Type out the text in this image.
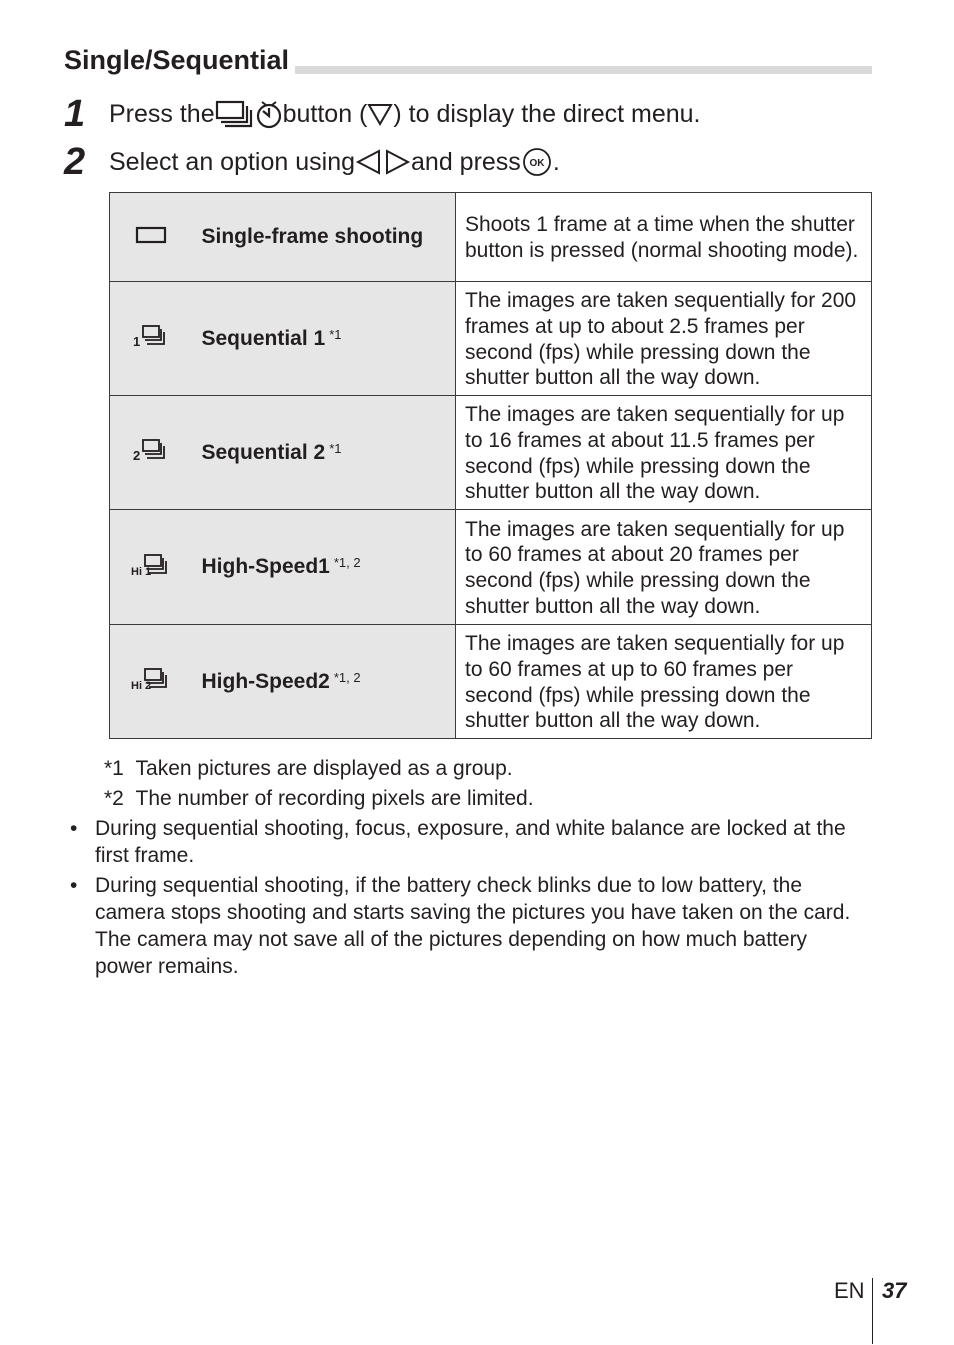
Single/Sequential
1 Press the	button ( ) to display the direct menu.
2 Select an option using and press OK .
	Single-frame shooting	Shoots 1 frame at a time when the shutter button is pressed (normal shooting mode).

1	Sequential 1 $^{*1}$	The images are taken sequentially for 200 frames at up to about 2.5 frames per second (fps) while pressing down the shutter button all the way down.

2	Sequential 2 $^{*1}$	The images are taken sequentially for up to 16 frames at about 11.5 frames per second (fps) while pressing down the shutter button all the way down.

Hi 1	High-Speed1 $^{*1, 2}$	The images are taken sequentially for up to 60 frames at about 20 frames per second (fps) while pressing down the shutter button all the way down.

Hi 2	High-Speed2 $^{*1, 2}$	The images are taken sequentially for up to 60 frames at up to 60 frames per second (fps) while pressing down the shutter button all the way down.
*1 Taken pictures are displayed as a group.
*2 The number of recording pixels are limited.
• During sequential shooting, focus, exposure, and white balance are locked at the first frame.
• During sequential shooting, if the battery check blinks due to low battery, the camera stops shooting and starts saving the pictures you have taken on the card. The camera may not save all of the pictures depending on how much battery power remains.
EN 37
